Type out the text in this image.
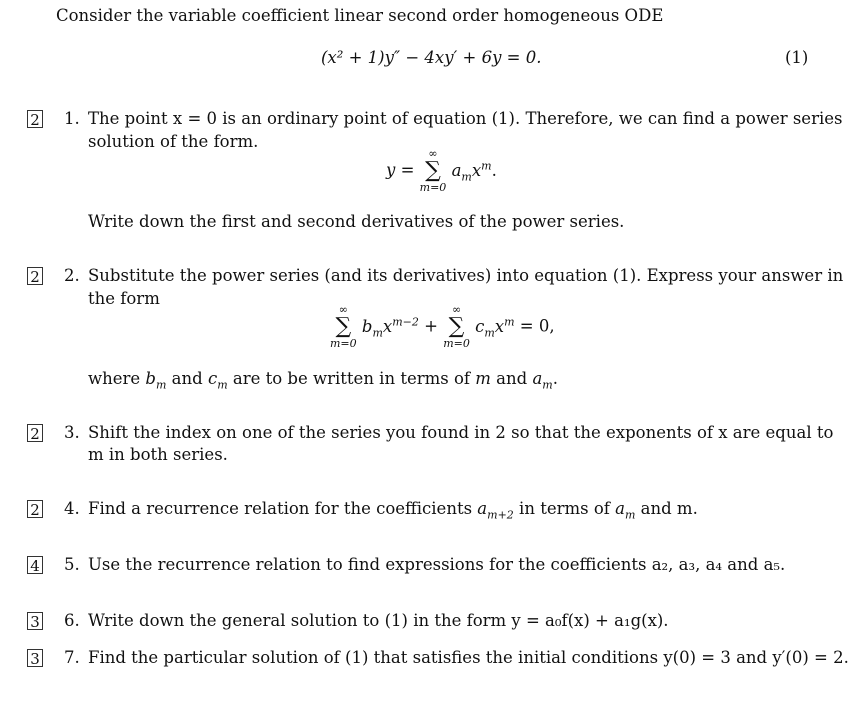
Consider the variable coefficient linear second order homogeneous ODE
(x² + 1)y″ − 4xy′ + 6y = 0.	(1)
2 1. The point x = 0 is an ordinary point of equation (1). Therefore, we can find a power series
solution of the form.
y =
∞
∑
m=0
$a_mx^m$.
Write down the first and second derivatives of the power series.
2 2. Substitute the power series (and its derivatives) into equation (1). Express your answer in
the form
∞
∑
m=0
$b_mx^{m-2}$ +
∞
∑
m=0
$c_mx^m = 0$,
where $b_m$ and $c_m$ are to be written in terms of m and $a_m$.
2 3. Shift the index on one of the series you found in 2 so that the exponents of x are equal to
m in both series.
2 4. Find a recurrence relation for the coefficients $a_{m+2}$ in terms of $a_m$ and m.
4 5. Use the recurrence relation to find expressions for the coefficients a₂, a₃, a₄ and a₅.
3 6. Write down the general solution to (1) in the form y = a₀f(x) + a₁g(x).
3 7. Find the particular solution of (1) that satisfies the initial conditions y(0) = 3 and y′(0) = 2.
